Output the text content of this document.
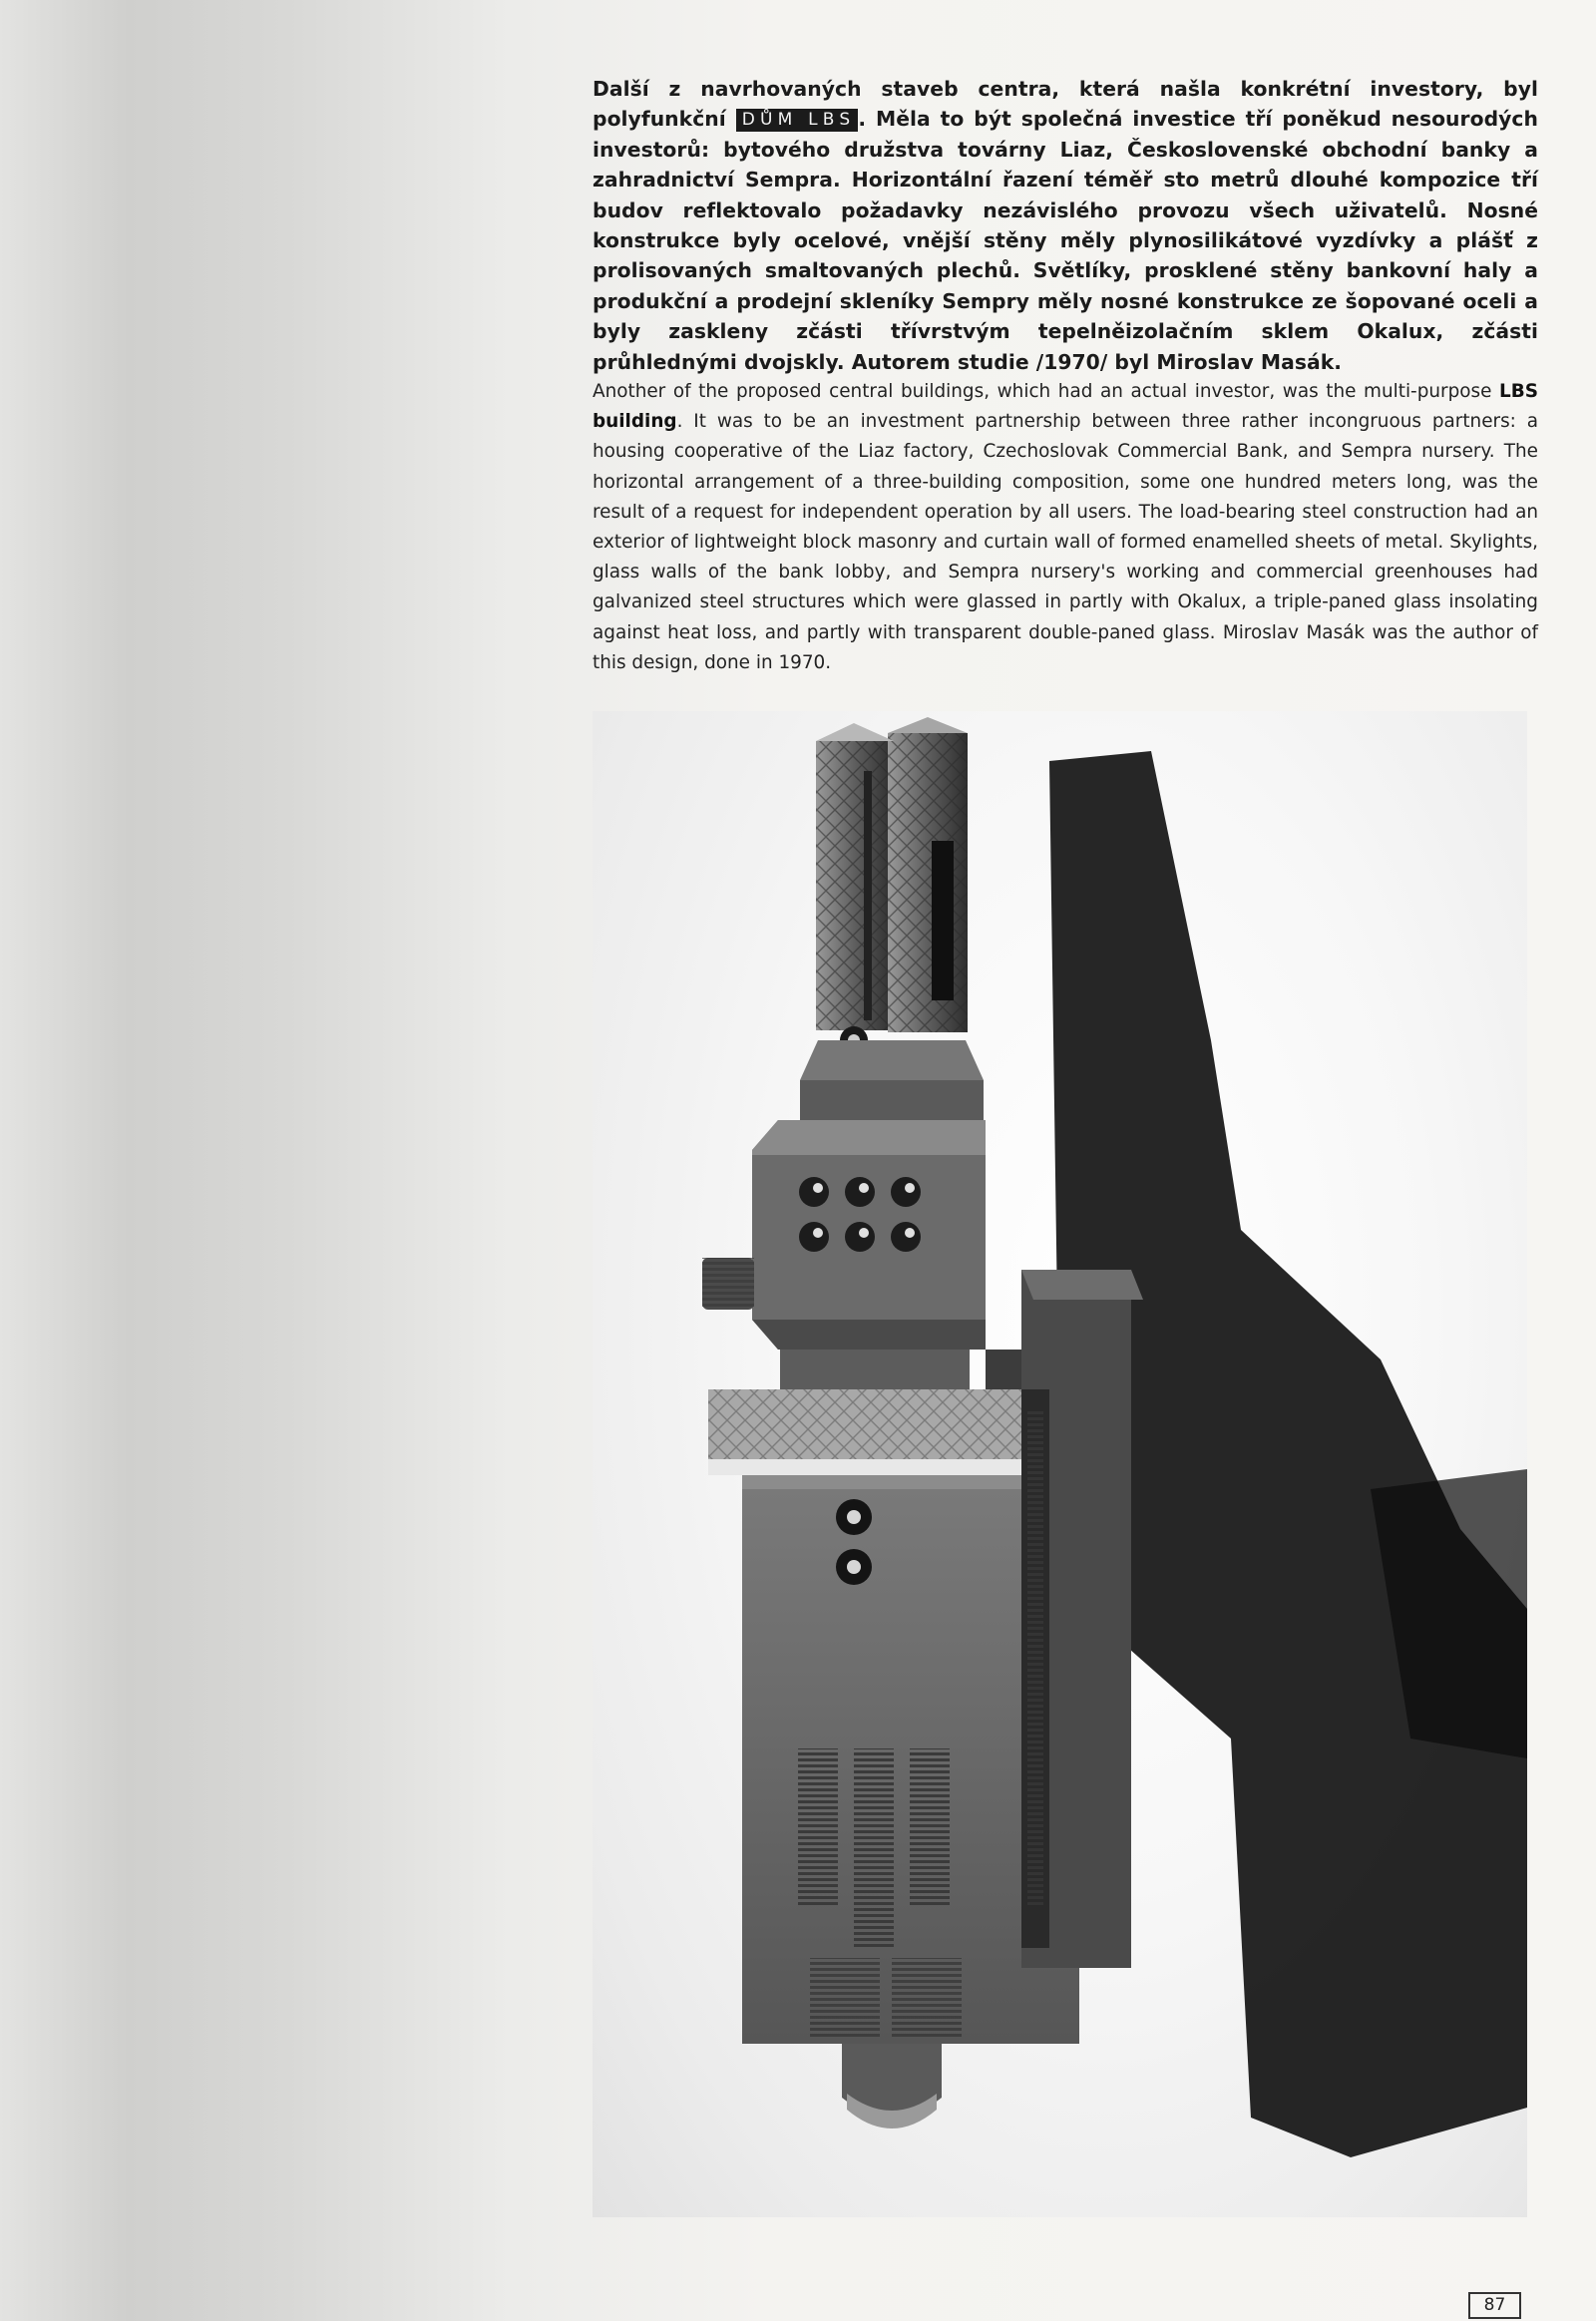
Další z navrhovaných staveb centra, která našla konkrétní investory, byl polyfunkční DŮM LBS . Měla to být společná investice tří poněkud nesourodých investorů: bytového družstva továrny Liaz, Československé obchodní banky a zahradnictví Sempra. Horizontální řazení téměř sto metrů dlouhé kompozice tří budov reflektovalo požadavky nezávislého provozu všech uživatelů. Nosné konstrukce byly ocelové, vnější stěny měly plynosilikátové vyzdívky a plášť z prolisovaných smaltovaných plechů. Světlíky, prosklené stěny bankovní haly a produkční a prodejní skleníky Sempry měly nosné konstrukce ze šopované oceli a byly zaskleny zčásti třívrstvým tepelněizolačním sklem Okalux, zčásti průhlednými dvojskly. Autorem studie /1970/ byl Miroslav Masák.

Another of the proposed central buildings, which had an actual investor, was the multi-purpose LBS building. It was to be an investment partnership between three rather incongruous partners: a housing cooperative of the Liaz factory, Czechoslovak Commercial Bank, and Sempra nursery. The horizontal arrangement of a three-building composition, some one hundred meters long, was the result of a request for independent operation by all users. The load-bearing steel construction had an exterior of lightweight block masonry and curtain wall of formed enamelled sheets of metal. Skylights, glass walls of the bank lobby, and Sempra nursery's working and commercial greenhouses had galvanized steel structures which were glassed in partly with Okalux, a triple-paned glass insolating against heat loss, and partly with transparent double-paned glass. Miroslav Masák was the author of this design, done in 1970.

87
